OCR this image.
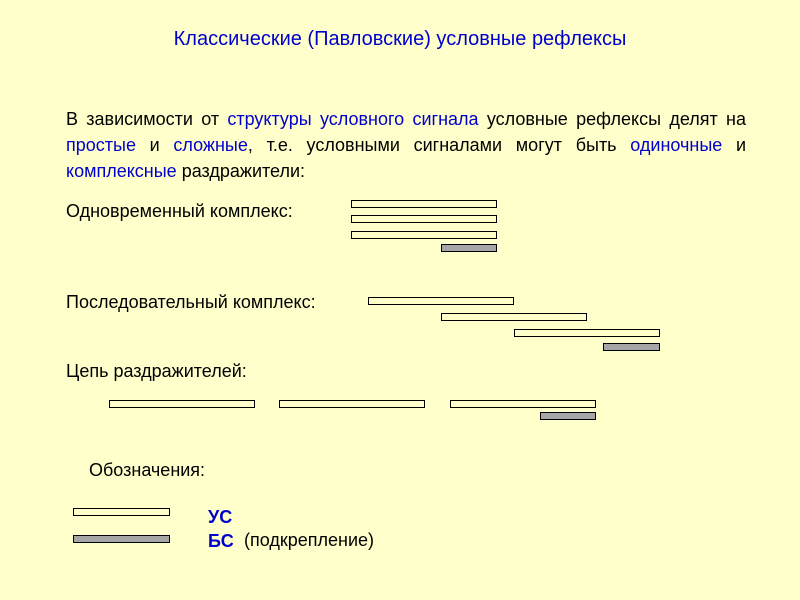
Классические (Павловские) условные рефлексы
В зависимости от структуры условного сигнала условные рефлексы делят на простые и сложные, т.е. условными сигналами могут быть одиночные и комплексные раздражители:
Одновременный комплекс:
Последовательный комплекс:
Цепь раздражителей:
Обозначения:
УС
БС (подкрепление)
